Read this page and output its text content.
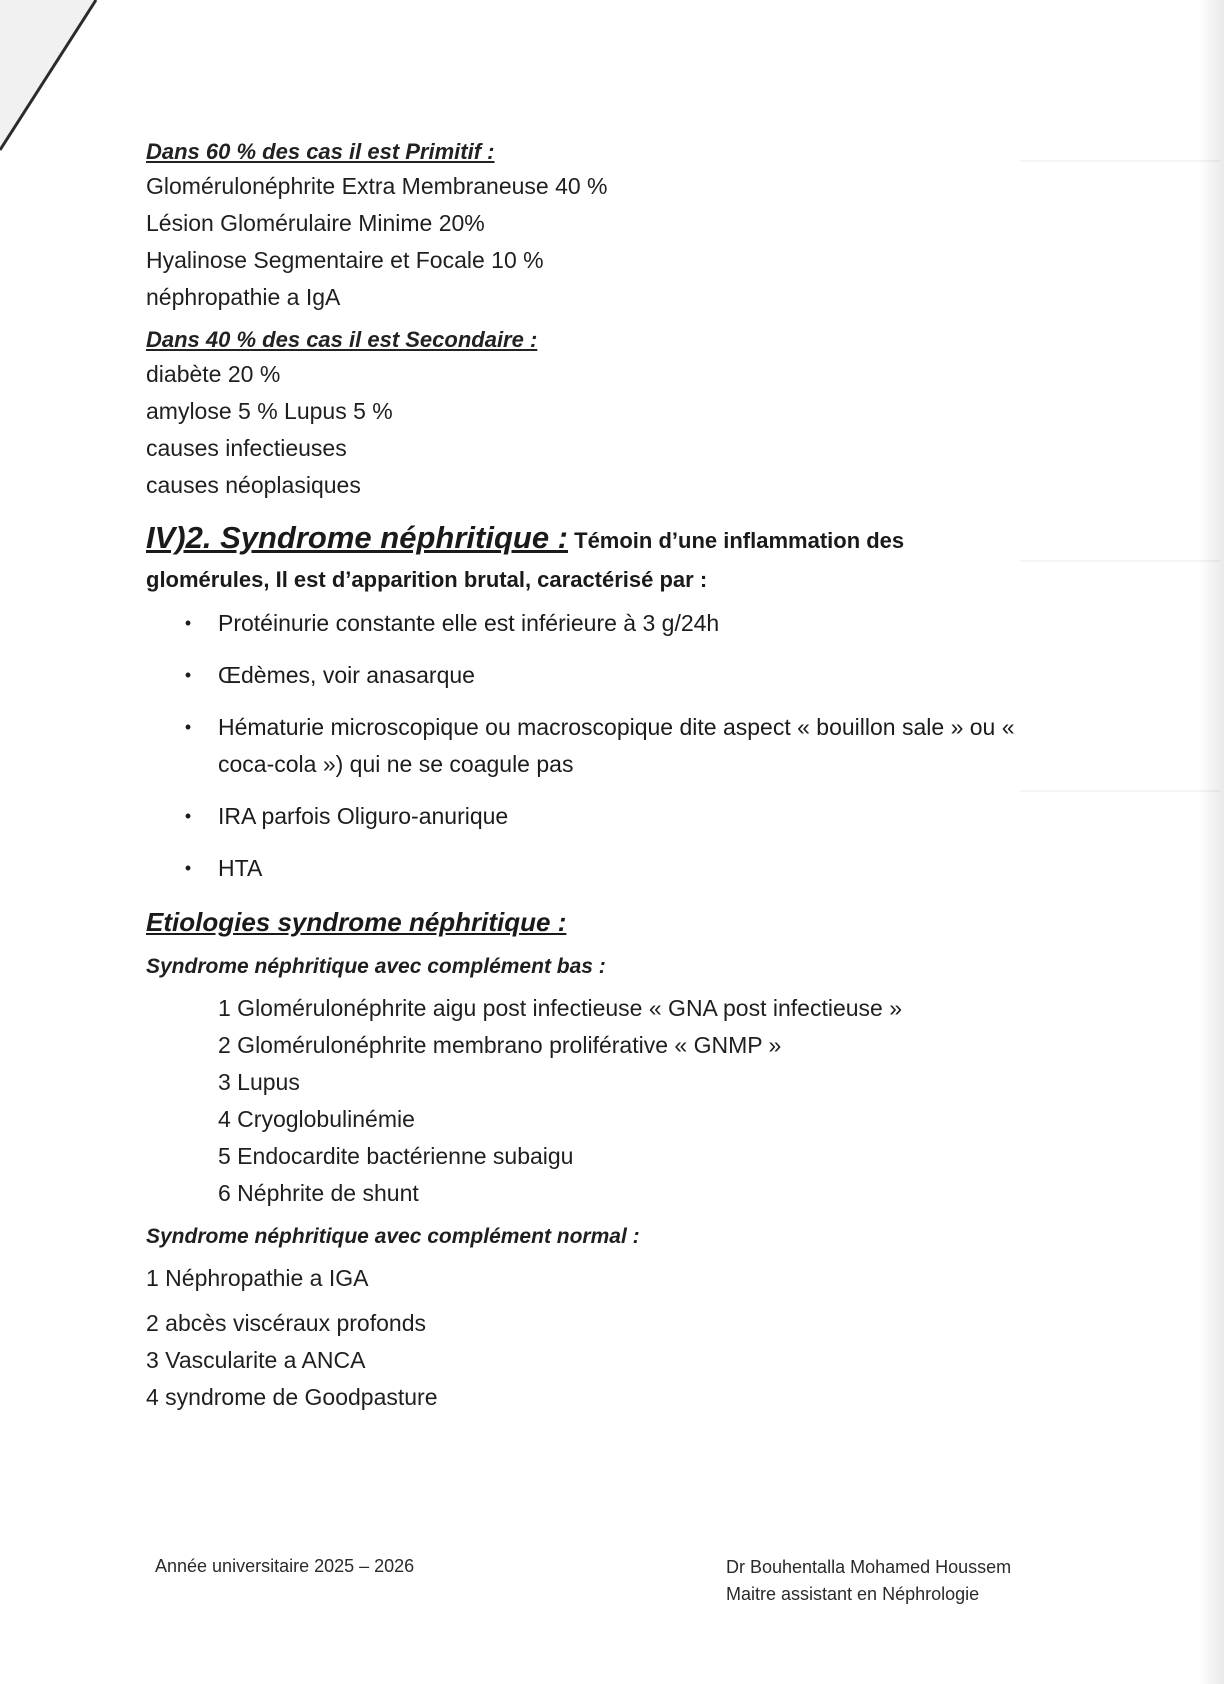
Dans 60 % des cas il est Primitif :

Glomérulonéphrite Extra Membraneuse 40 %

Lésion Glomérulaire Minime 20%

Hyalinose Segmentaire et Focale 10 %

néphropathie a IgA

Dans 40 % des cas il est Secondaire :

diabète 20 %

amylose 5 % Lupus 5 %

causes infectieuses

causes néoplasiques

IV)2. Syndrome néphritique : Témoin d’une inflammation des

glomérules, Il est d’apparition brutal, caractérisé par :

• Protéinurie constante elle est inférieure à 3 g/24h
• Œdèmes, voir anasarque
• Hématurie microscopique ou macroscopique dite aspect « bouillon sale » ou « coca-cola ») qui ne se coagule pas
• IRA parfois Oliguro-anurique
• HTA

Etiologies syndrome néphritique :

Syndrome néphritique avec complément bas :

1 Glomérulonéphrite aigu post infectieuse « GNA post infectieuse »

2 Glomérulonéphrite membrano proliférative « GNMP »

3 Lupus

4 Cryoglobulinémie

5 Endocardite bactérienne subaigu

6 Néphrite de shunt

Syndrome néphritique avec complément normal :

1 Néphropathie a IGA

2 abcès viscéraux profonds

3 Vascularite a ANCA

4 syndrome de Goodpasture

Année universitaire 2025 – 2026	Dr Bouhentalla Mohamed Houssem
Maitre assistant en Néphrologie
